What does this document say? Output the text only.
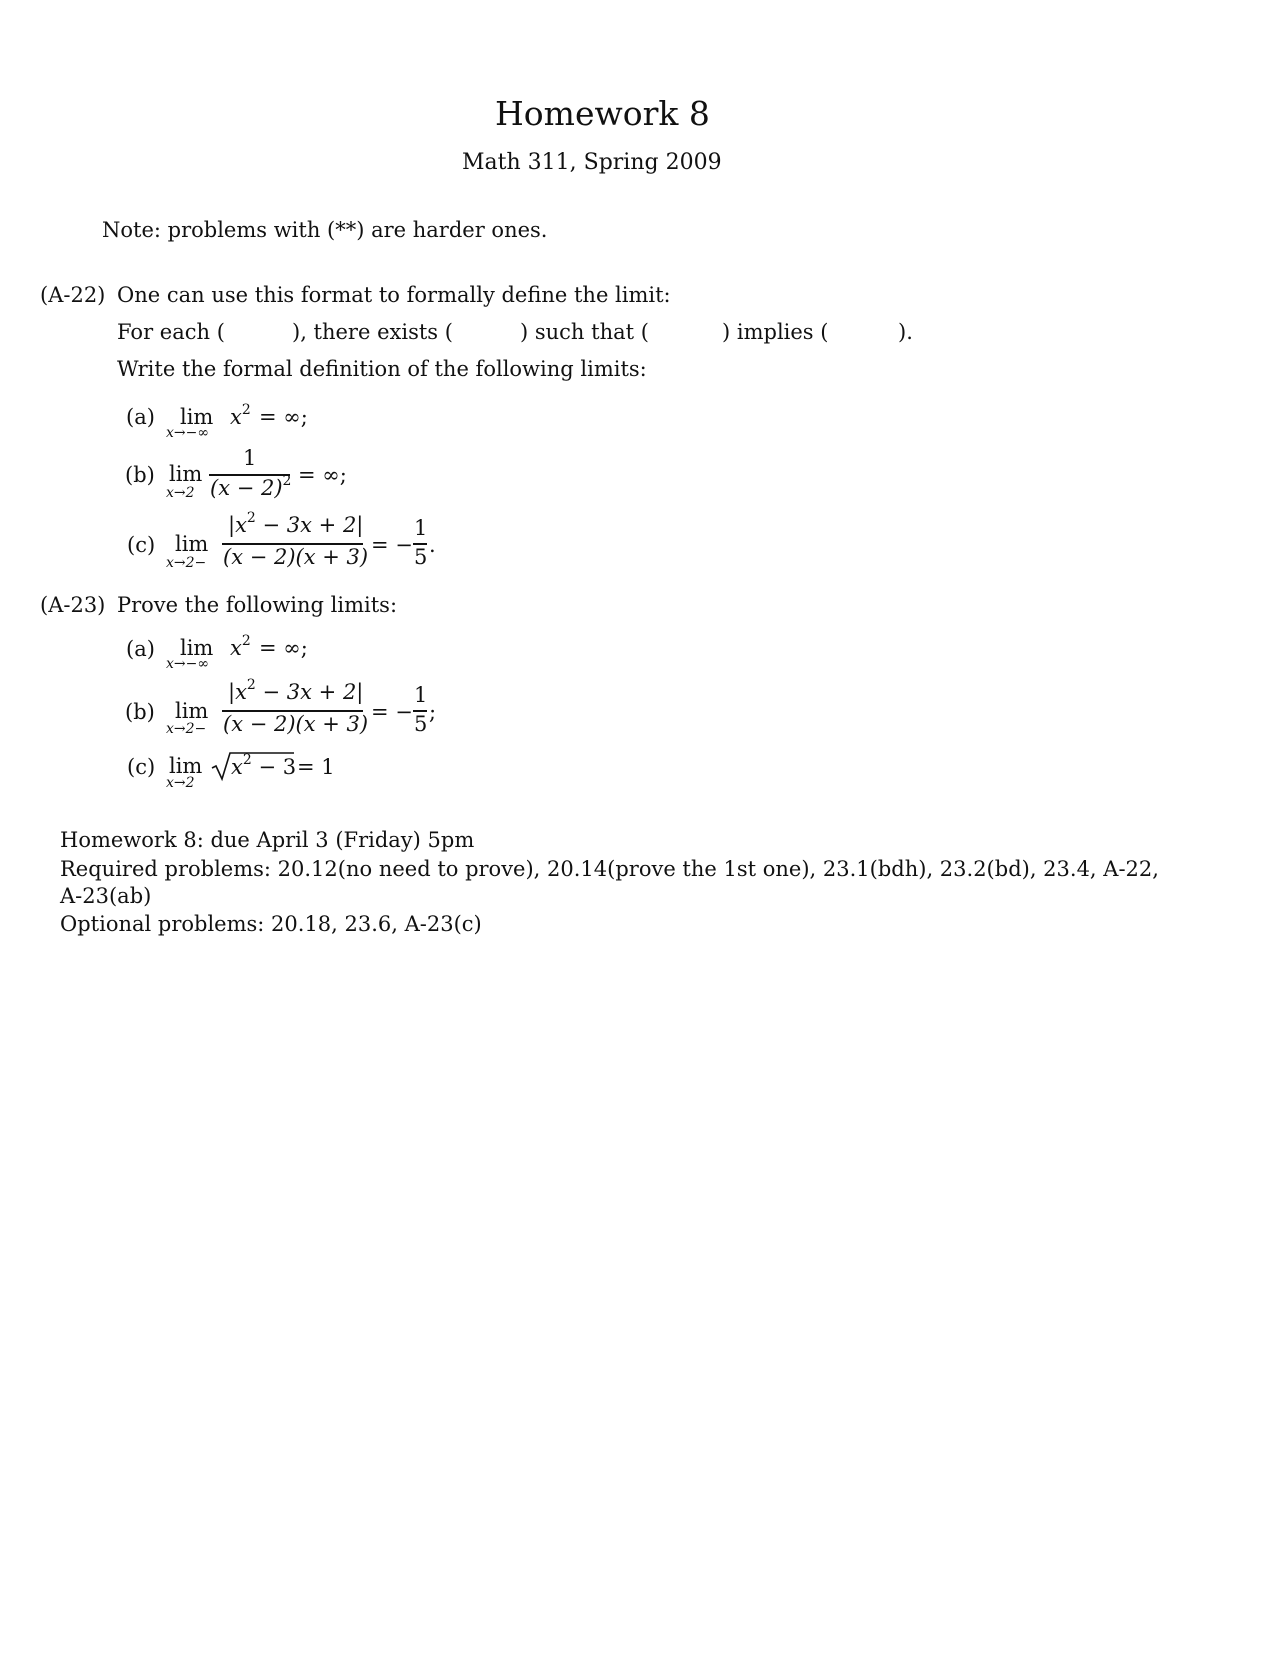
Homework 8
Math 311, Spring 2009
Note: problems with (**) are harder ones.
(A-22) One can use this format to formally define the limit:
For each (	), there exists (	) such that (	) implies (	).
Write the formal definition of the following limits:
(a) lim
x→−∞
$x^2$ = ∞;
(b) lim
x→2
1
$(x - 2)^2$ = ∞;
(c) lim
x→2−
$|x^2 - 3x + 2|$
(x − 2)(x + 3) = −
1
5 .
(A-23) Prove the following limits:
(a) lim
x→−∞
$x^2$ = ∞;
(b) lim
x→2−
$|x^2 - 3x + 2|$
(x − 2)(x + 3) = −
1
5 ;
(c) lim
x→2
$x^2 - 3 = 1$
Homework 8: due April 3 (Friday) 5pm
Required problems: 20.12(no need to prove), 20.14(prove the 1st one), 23.1(bdh), 23.2(bd), 23.4, A-22,
A-23(ab)
Optional problems: 20.18, 23.6, A-23(c)
